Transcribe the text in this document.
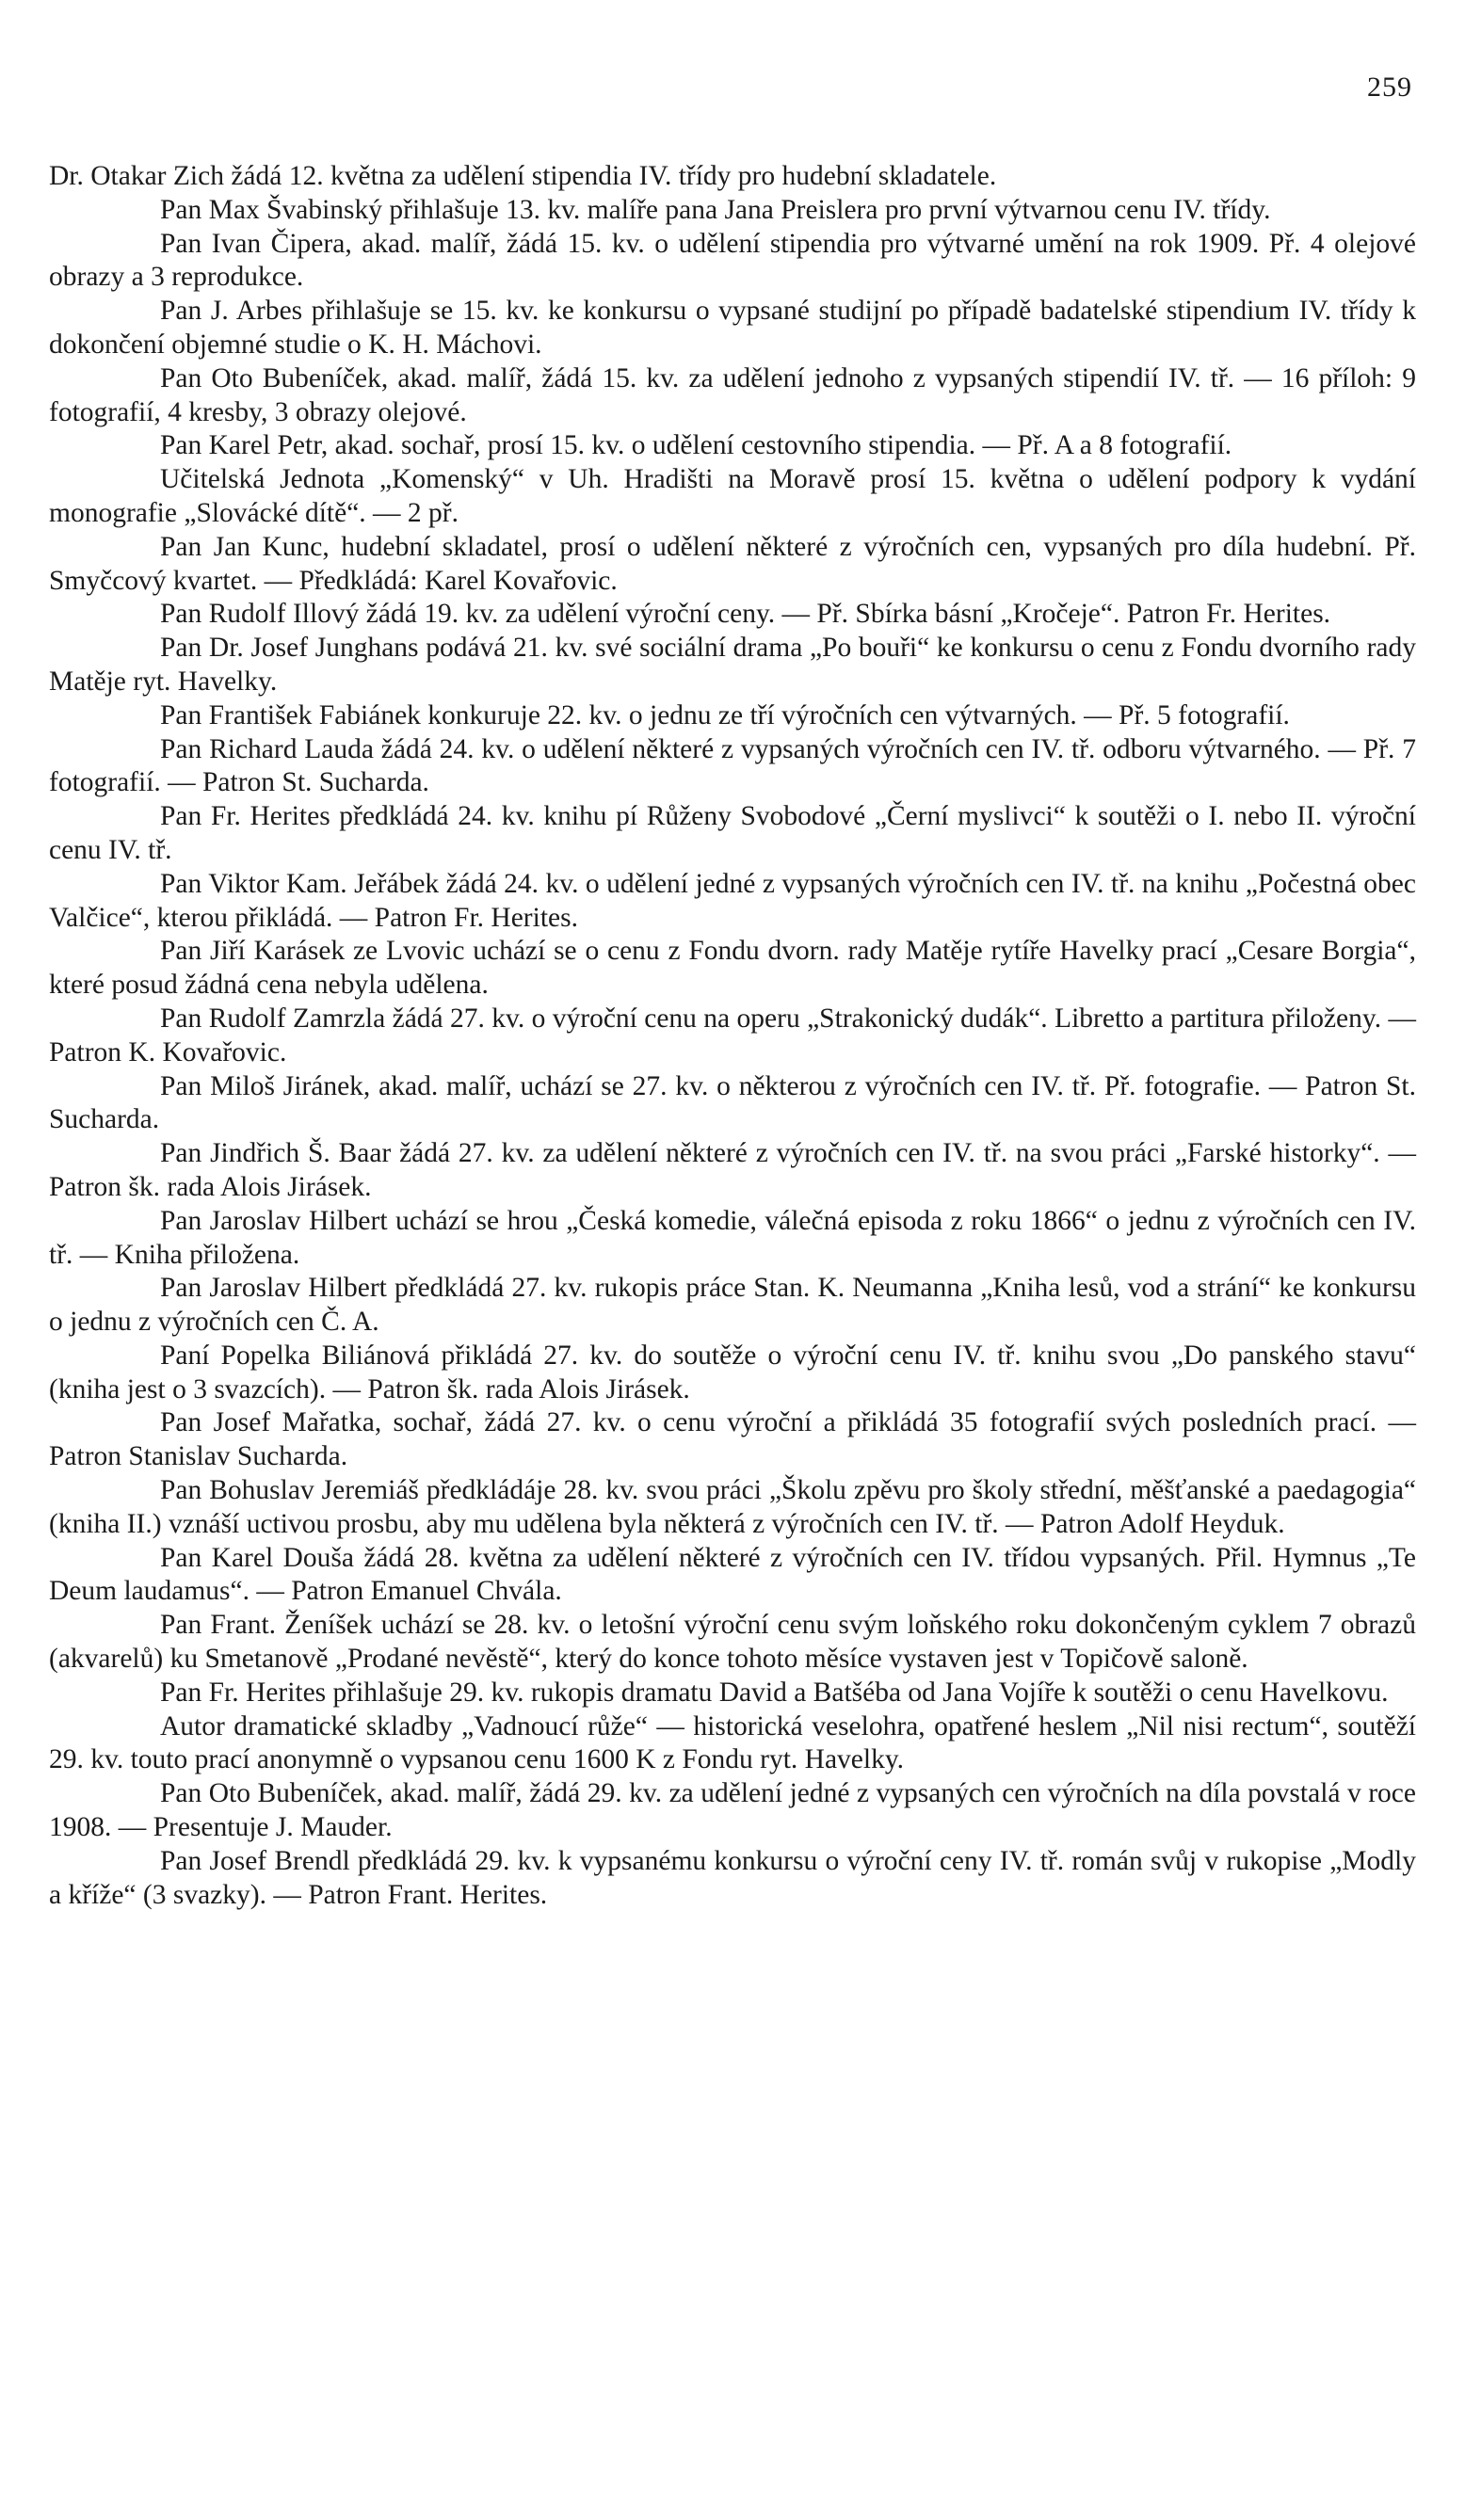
259

Dr. Otakar Zich žádá 12. května za udělení stipendia IV. třídy pro hudební skladatele.

Pan Max Švabinský přihlašuje 13. kv. malíře pana Jana Preislera pro první výtvarnou cenu IV. třídy.

Pan Ivan Čipera, akad. malíř, žádá 15. kv. o udělení stipendia pro výtvarné umění na rok 1909. Př. 4 olejové obrazy a 3 reprodukce.

Pan J. Arbes přihlašuje se 15. kv. ke konkursu o vypsané studijní po případě badatelské stipendium IV. třídy k dokončení objemné studie o K. H. Máchovi.

Pan Oto Bubeníček, akad. malíř, žádá 15. kv. za udělení jednoho z vypsaných stipendií IV. tř. — 16 příloh: 9 fotografií, 4 kresby, 3 obrazy olejové.

Pan Karel Petr, akad. sochař, prosí 15. kv. o udělení cestovního stipendia. — Př. A a 8 fotografií.

Učitelská Jednota „Komenský“ v Uh. Hradišti na Moravě prosí 15. května o udělení podpory k vydání monografie „Slovácké dítě“. — 2 př.

Pan Jan Kunc, hudební skladatel, prosí o udělení některé z výročních cen, vypsaných pro díla hudební. Př. Smyčcový kvartet. — Předkládá: Karel Kovařovic.

Pan Rudolf Illový žádá 19. kv. za udělení výroční ceny. — Př. Sbírka básní „Kročeje“. Patron Fr. Herites.

Pan Dr. Josef Junghans podává 21. kv. své sociální drama „Po bouři“ ke konkursu o cenu z Fondu dvorního rady Matěje ryt. Havelky.

Pan František Fabiánek konkuruje 22. kv. o jednu ze tří výročních cen výtvarných. — Př. 5 fotografií.

Pan Richard Lauda žádá 24. kv. o udělení některé z vypsaných výročních cen IV. tř. odboru výtvarného. — Př. 7 fotografií. — Patron St. Sucharda.

Pan Fr. Herites předkládá 24. kv. knihu pí Růženy Svobodové „Černí myslivci“ k soutěži o I. nebo II. výroční cenu IV. tř.

Pan Viktor Kam. Jeřábek žádá 24. kv. o udělení jedné z vypsaných výročních cen IV. tř. na knihu „Počestná obec Valčice“, kterou přikládá. — Patron Fr. Herites.

Pan Jiří Karásek ze Lvovic uchází se o cenu z Fondu dvorn. rady Matěje rytíře Havelky prací „Cesare Borgia“, které posud žádná cena nebyla udělena.

Pan Rudolf Zamrzla žádá 27. kv. o výroční cenu na operu „Strakonický dudák“. Libretto a partitura přiloženy. — Patron K. Kovařovic.

Pan Miloš Jiránek, akad. malíř, uchází se 27. kv. o některou z výročních cen IV. tř. Př. fotografie. — Patron St. Sucharda.

Pan Jindřich Š. Baar žádá 27. kv. za udělení některé z výročních cen IV. tř. na svou práci „Farské historky“. — Patron šk. rada Alois Jirásek.

Pan Jaroslav Hilbert uchází se hrou „Česká komedie, válečná episoda z roku 1866“ o jednu z výročních cen IV. tř. — Kniha přiložena.

Pan Jaroslav Hilbert předkládá 27. kv. rukopis práce Stan. K. Neumanna „Kniha lesů, vod a strání“ ke konkursu o jednu z výročních cen Č. A.

Paní Popelka Biliánová přikládá 27. kv. do soutěže o výroční cenu IV. tř. knihu svou „Do panského stavu“ (kniha jest o 3 svazcích). — Patron šk. rada Alois Jirásek.

Pan Josef Mařatka, sochař, žádá 27. kv. o cenu výroční a přikládá 35 fotografií svých posledních prací. — Patron Stanislav Sucharda.

Pan Bohuslav Jeremiáš předkládáje 28. kv. svou práci „Školu zpěvu pro školy střední, měšťanské a paedagogia“ (kniha II.) vznáší uctivou prosbu, aby mu udělena byla některá z výročních cen IV. tř. — Patron Adolf Heyduk.

Pan Karel Douša žádá 28. května za udělení některé z výročních cen IV. třídou vypsaných. Přil. Hymnus „Te Deum laudamus“. — Patron Emanuel Chvála.

Pan Frant. Ženíšek uchází se 28. kv. o letošní výroční cenu svým loňského roku dokončeným cyklem 7 obrazů (akvarelů) ku Smetanově „Prodané nevěstě“, který do konce tohoto měsíce vystaven jest v Topičově saloně.

Pan Fr. Herites přihlašuje 29. kv. rukopis dramatu David a Batšéba od Jana Vojíře k soutěži o cenu Havelkovu.

Autor dramatické skladby „Vadnoucí růže“ — historická veselohra, opatřené heslem „Nil nisi rectum“, soutěží 29. kv. touto prací anonymně o vypsanou cenu 1600 K z Fondu ryt. Havelky.

Pan Oto Bubeníček, akad. malíř, žádá 29. kv. za udělení jedné z vypsaných cen výročních na díla povstalá v roce 1908. — Presentuje J. Mauder.

Pan Josef Brendl předkládá 29. kv. k vypsanému konkursu o výroční ceny IV. tř. román svůj v rukopise „Modly a kříže“ (3 svazky). — Patron Frant. Herites.
